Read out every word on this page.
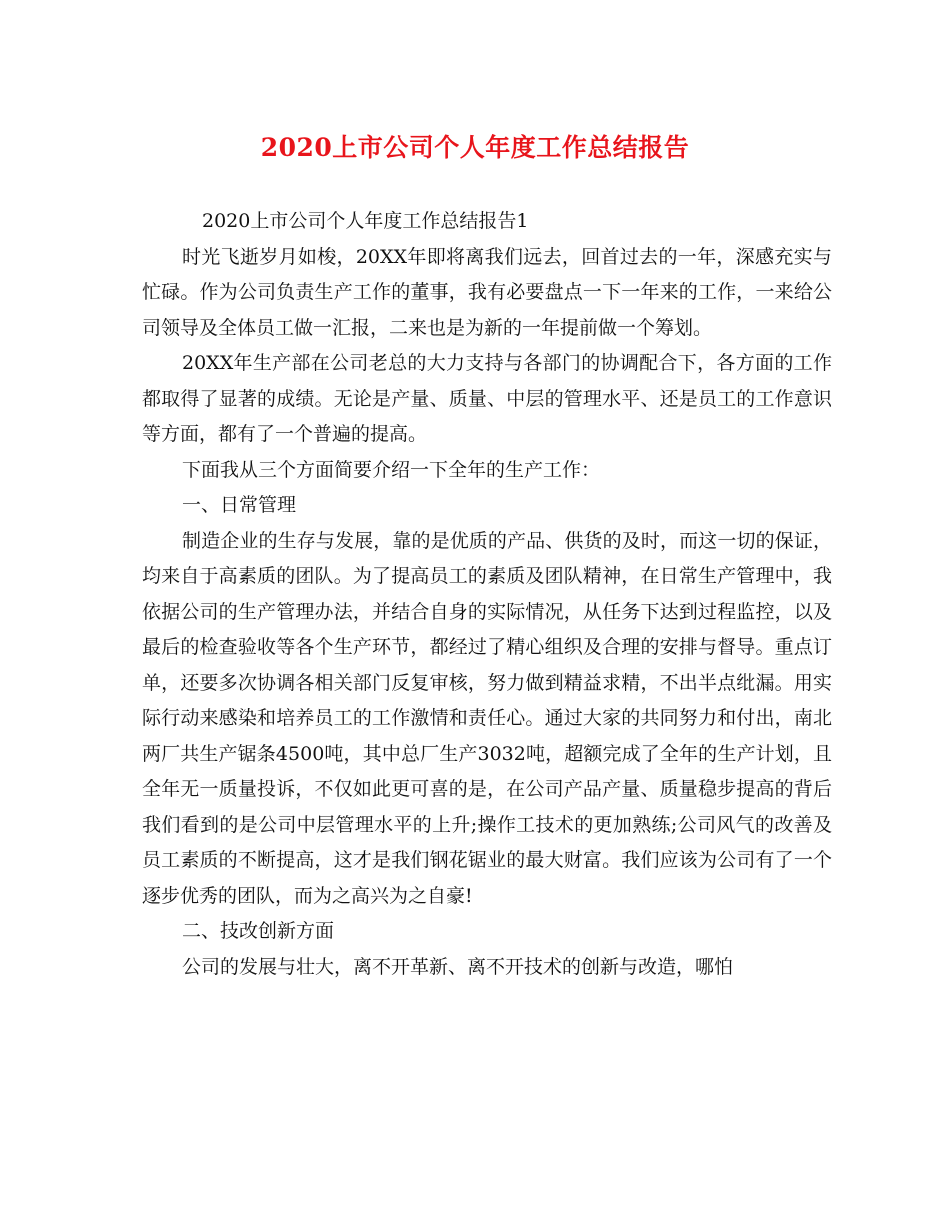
2020上市公司个人年度工作总结报告

2020上市公司个人年度工作总结报告1

时光飞逝岁月如梭，20XX年即将离我们远去，回首过去的一年，深感充实与忙碌。作为公司负责生产工作的董事，我有必要盘点一下一年来的工作，一来给公司领导及全体员工做一汇报，二来也是为新的一年提前做一个筹划。

20XX年生产部在公司老总的大力支持与各部门的协调配合下，各方面的工作都取得了显著的成绩。无论是产量、质量、中层的管理水平、还是员工的工作意识等方面，都有了一个普遍的提高。

下面我从三个方面简要介绍一下全年的生产工作：

一、日常管理

制造企业的生存与发展，靠的是优质的产品、供货的及时，而这一切的保证，均来自于高素质的团队。为了提高员工的素质及团队精神，在日常生产管理中，我依据公司的生产管理办法，并结合自身的实际情况，从任务下达到过程监控，以及最后的检查验收等各个生产环节，都经过了精心组织及合理的安排与督导。重点订单，还要多次协调各相关部门反复审核，努力做到精益求精，不出半点纰漏。用实际行动来感染和培养员工的工作激情和责任心。通过大家的共同努力和付出，南北两厂共生产锯条4500吨，其中总厂生产3032吨，超额完成了全年的生产计划，且全年无一质量投诉，不仅如此更可喜的是，在公司产品产量、质量稳步提高的背后我们看到的是公司中层管理水平的上升;操作工技术的更加熟练;公司风气的改善及员工素质的不断提高，这才是我们钢花锯业的最大财富。我们应该为公司有了一个逐步优秀的团队，而为之高兴为之自豪!

二、技改创新方面

公司的发展与壮大，离不开革新、离不开技术的创新与改造，哪怕
